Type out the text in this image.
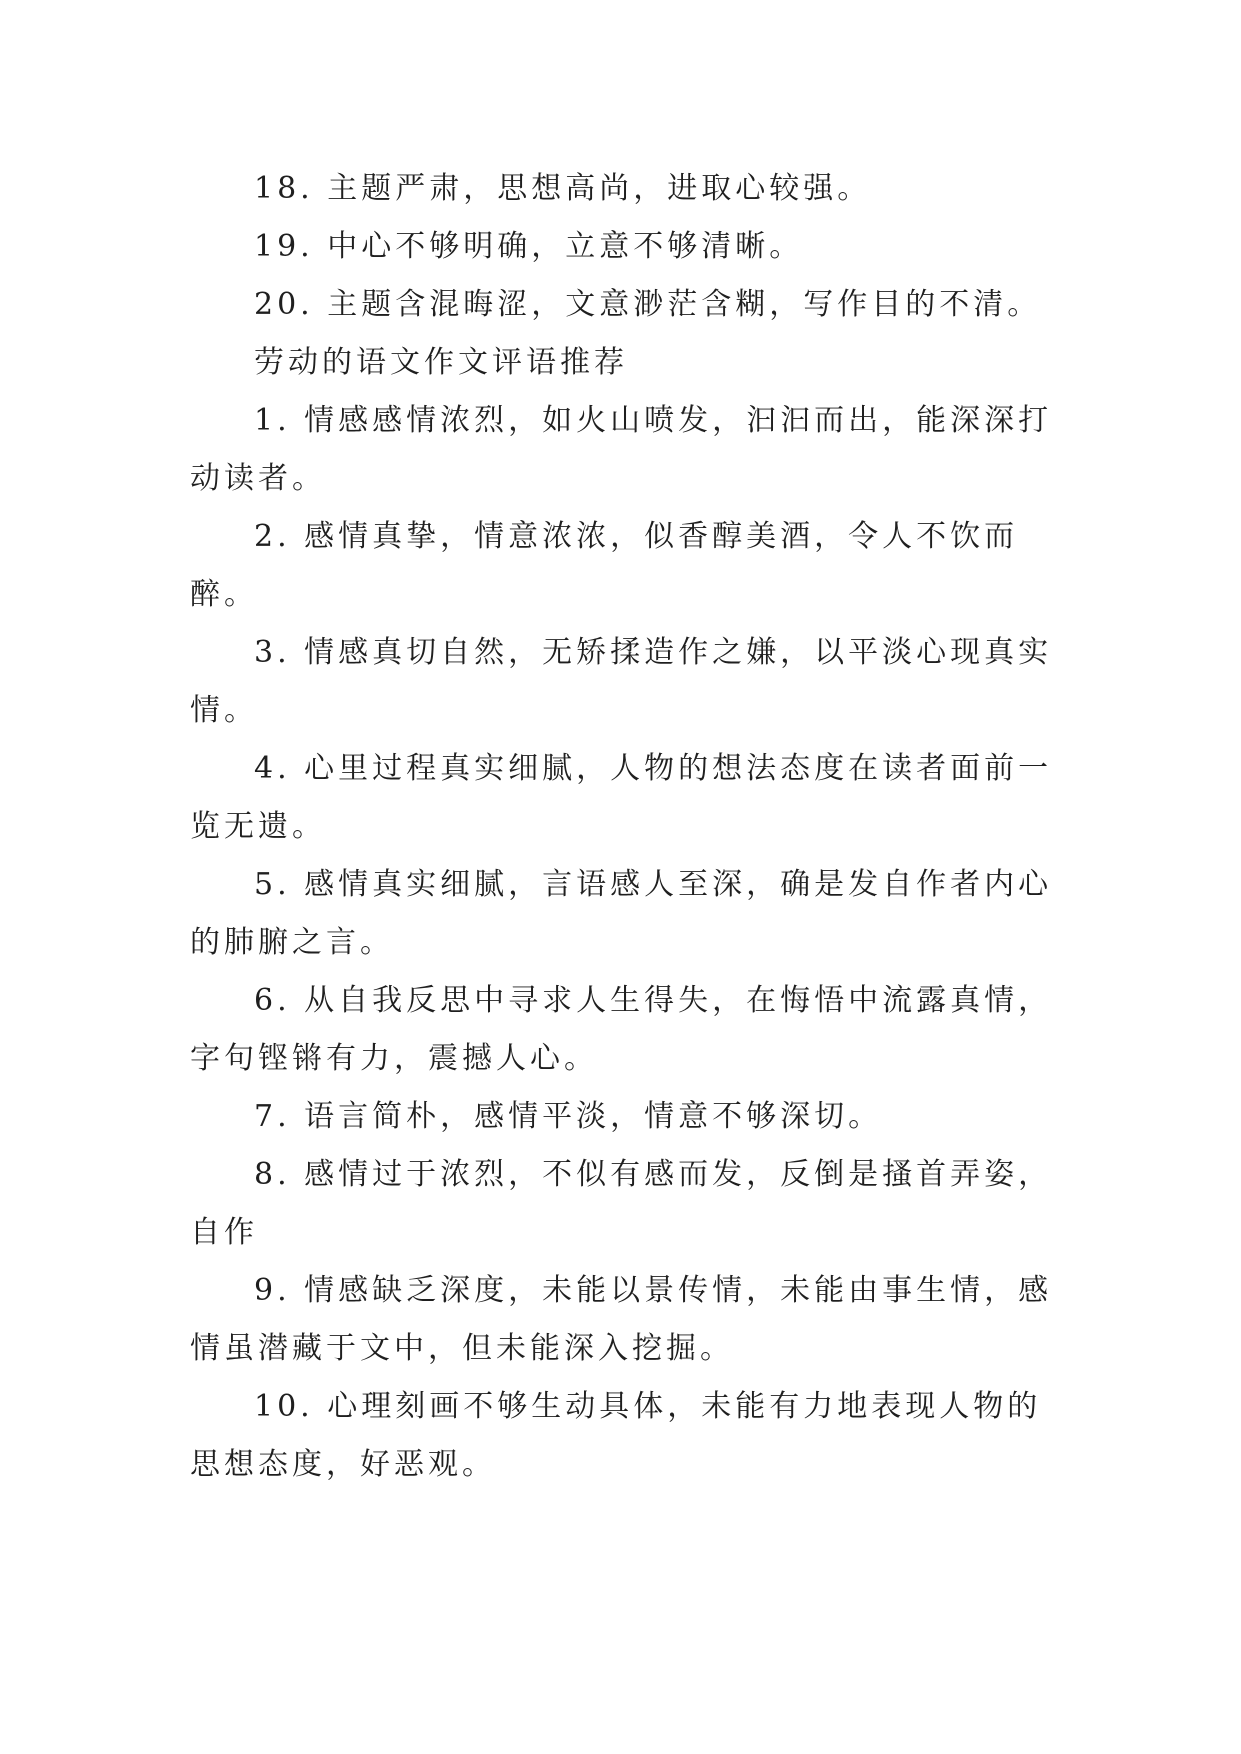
18. 主题严肃，思想高尚，进取心较强。

19. 中心不够明确，立意不够清晰。

20. 主题含混晦涩，文意渺茫含糊，写作目的不清。

劳动的语文作文评语推荐

1. 情感感情浓烈，如火山喷发，汩汩而出，能深深打动读者。

2. 感情真挚，情意浓浓，似香醇美酒，令人不饮而醉。

3. 情感真切自然，无矫揉造作之嫌，以平淡心现真实情。

4. 心里过程真实细腻，人物的想法态度在读者面前一览无遗。

5. 感情真实细腻，言语感人至深，确是发自作者内心的肺腑之言。

6. 从自我反思中寻求人生得失，在悔悟中流露真情，字句铿锵有力，震撼人心。

7. 语言简朴，感情平淡，情意不够深切。

8. 感情过于浓烈，不似有感而发，反倒是搔首弄姿，自作

9. 情感缺乏深度，未能以景传情，未能由事生情，感情虽潜藏于文中，但未能深入挖掘。

10. 心理刻画不够生动具体，未能有力地表现人物的思想态度，好恶观。
